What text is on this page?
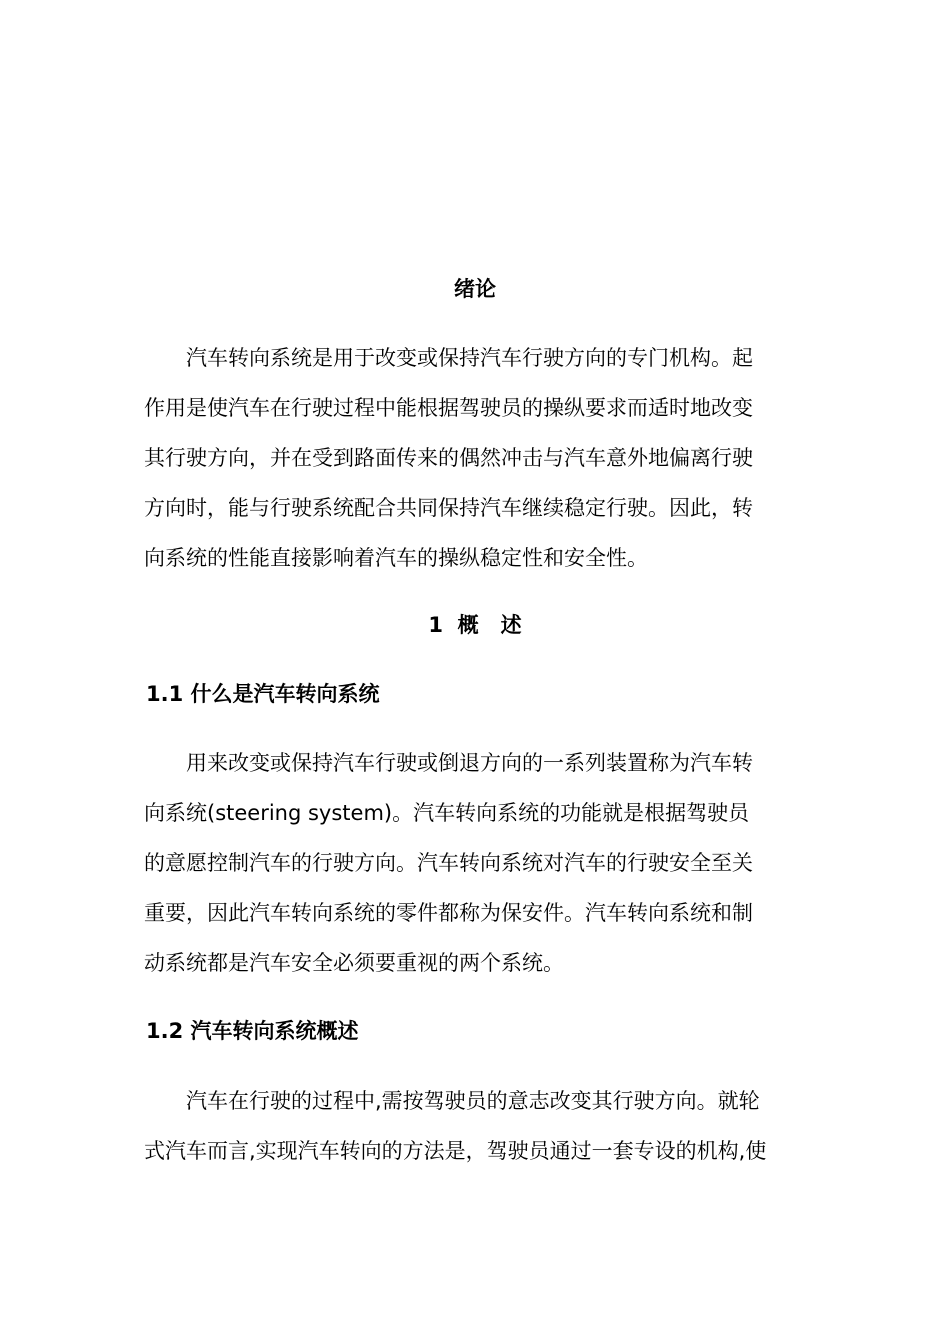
绪论
　　汽车转向系统是用于改变或保持汽车行驶方向的专门机构。起
作用是使汽车在行驶过程中能根据驾驶员的操纵要求而适时地改变
其行驶方向，并在受到路面传来的偶然冲击与汽车意外地偏离行驶
方向时，能与行驶系统配合共同保持汽车继续稳定行驶。因此，转
向系统的性能直接影响着汽车的操纵稳定性和安全性。
1  概   述
1.1 什么是汽车转向系统
　　用来改变或保持汽车行驶或倒退方向的一系列装置称为汽车转
向系统(steering system)。汽车转向系统的功能就是根据驾驶员
的意愿控制汽车的行驶方向。汽车转向系统对汽车的行驶安全至关
重要，因此汽车转向系统的零件都称为保安件。汽车转向系统和制
动系统都是汽车安全必须要重视的两个系统。
1.2 汽车转向系统概述
　　汽车在行驶的过程中,需按驾驶员的意志改变其行驶方向。就轮
式汽车而言,实现汽车转向的方法是，驾驶员通过一套专设的机构,使
